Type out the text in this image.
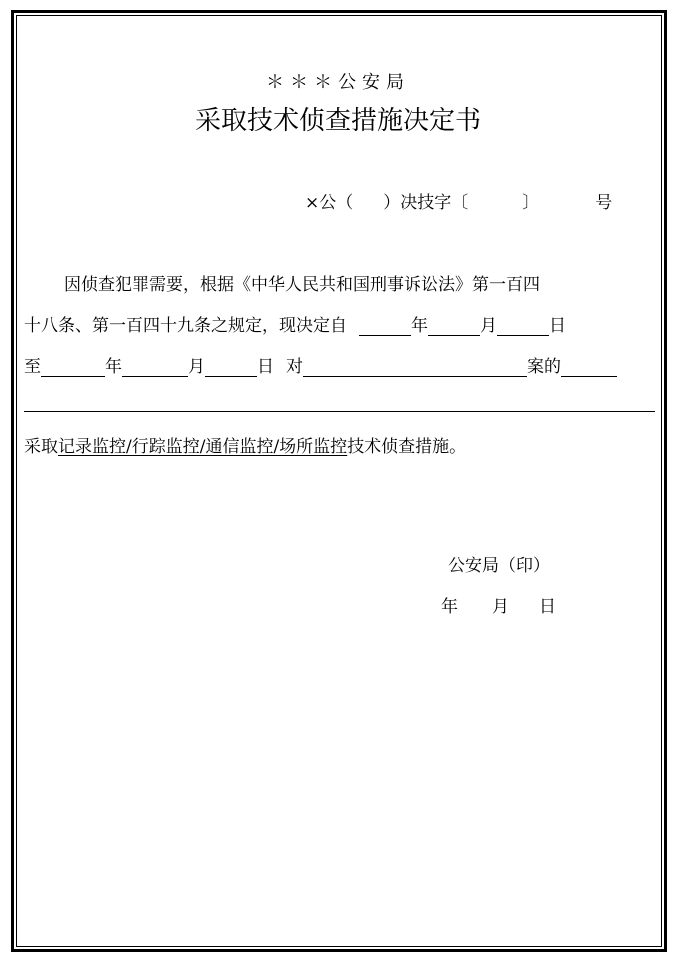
＊＊＊公安局
采取技术侦查措施决定书
×公（ ）决技字〔	〕	号
因侦查犯罪需要，根据《中华人民共和国刑事诉讼法》第一百四
十八条、第一百四十九条之规定，现决定自	年	月	日
至	年	月	日 对	案的
采取记录监控/行踪监控/通信监控/场所监控技术侦查措施。
公安局（印）
年 月 日
